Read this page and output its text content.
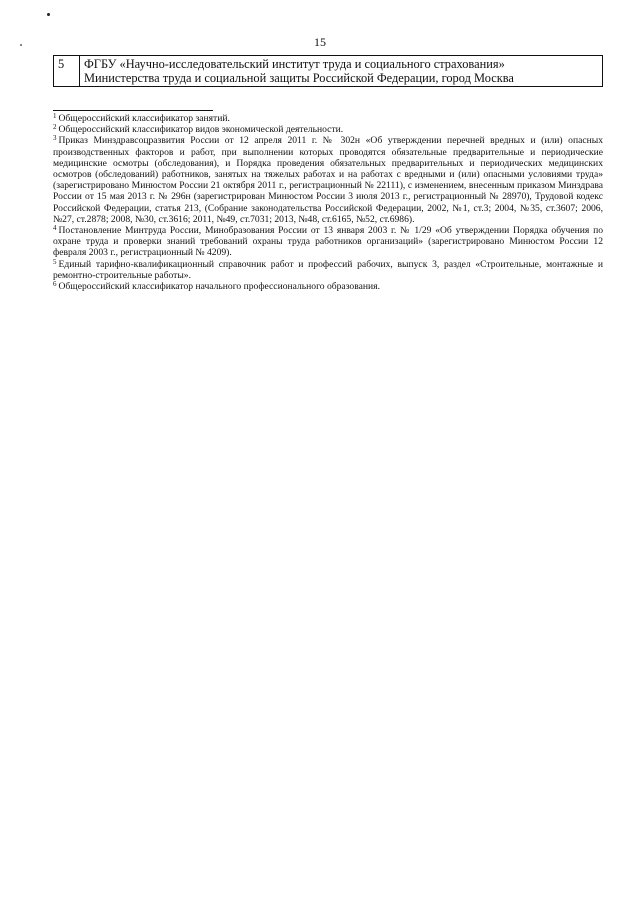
15
5	ФГБУ «Научно-исследовательский институт труда и социального страхования»
Министерства труда и социальной защиты Российской Федерации, город Москва

$^1$ Общероссийский классификатор занятий.

$^2$ Общероссийский классификатор видов экономической деятельности.

$^3$ Приказ Минздравсоцразвития России от 12 апреля 2011 г. № 302н «Об утверждении перечней вредных и (или) опасных производственных факторов и работ, при выполнении которых проводятся обязательные предварительные и периодические медицинские осмотры (обследования), и Порядка проведения обязательных предварительных и периодических медицинских осмотров (обследований) работников, занятых на тяжелых работах и на работах с вредными и (или) опасными условиями труда» (зарегистрировано Минюстом России 21 октября 2011 г., регистрационный № 22111), с изменением, внесенным приказом Минздрава России от 15 мая 2013 г. № 296н (зарегистрирован Минюстом России 3 июля 2013 г., регистрационный № 28970), Трудовой кодекс Российской Федерации, статья 213, (Собрание законодательства Российской Федерации, 2002, №1, ст.3; 2004, №35, ст.3607; 2006, №27, ст.2878; 2008, №30, ст.3616; 2011, №49, ст.7031; 2013, №48, ст.6165, №52, ст.6986).

$^4$ Постановление Минтруда России, Минобразования России от 13 января 2003 г. № 1/29 «Об утверждении Порядка обучения по охране труда и проверки знаний требований охраны труда работников организаций» (зарегистрировано Минюстом России 12 февраля 2003 г., регистрационный № 4209).

$^5$ Единый тарифно-квалификационный справочник работ и профессий рабочих, выпуск 3, раздел «Строительные, монтажные и ремонтно-строительные работы».

$^6$ Общероссийский классификатор начального профессионального образования.
